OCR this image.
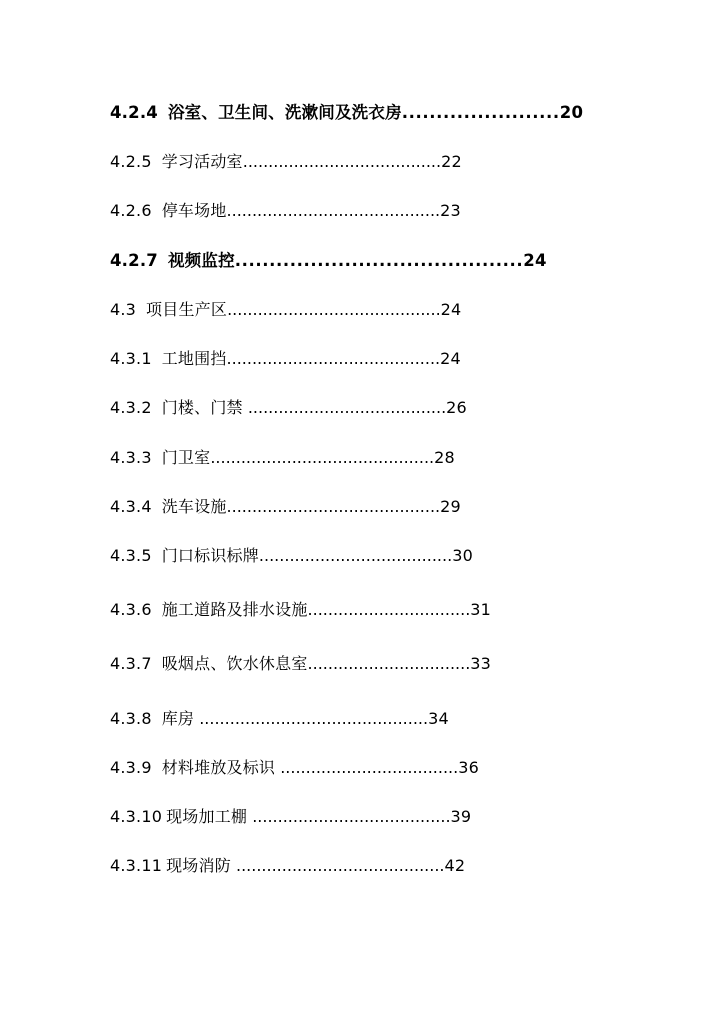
4.2.4 浴室、卫生间、洗漱间及洗衣房.......................20
4.2.5 学习活动室.......................................22
4.2.6 停车场地..........................................23
4.2.7 视频监控..........................................24
4.3 项目生产区..........................................24
4.3.1 工地围挡..........................................24
4.3.2 门楼、门禁 .......................................26
4.3.3 门卫室............................................28
4.3.4 洗车设施..........................................29
4.3.5 门口标识标牌......................................30
4.3.6 施工道路及排水设施................................31
4.3.7 吸烟点、饮水休息室................................33
4.3.8 库房 .............................................34
4.3.9 材料堆放及标识 ...................................36
4.3.10 现场加工棚 .......................................39
4.3.11 现场消防 .........................................42
